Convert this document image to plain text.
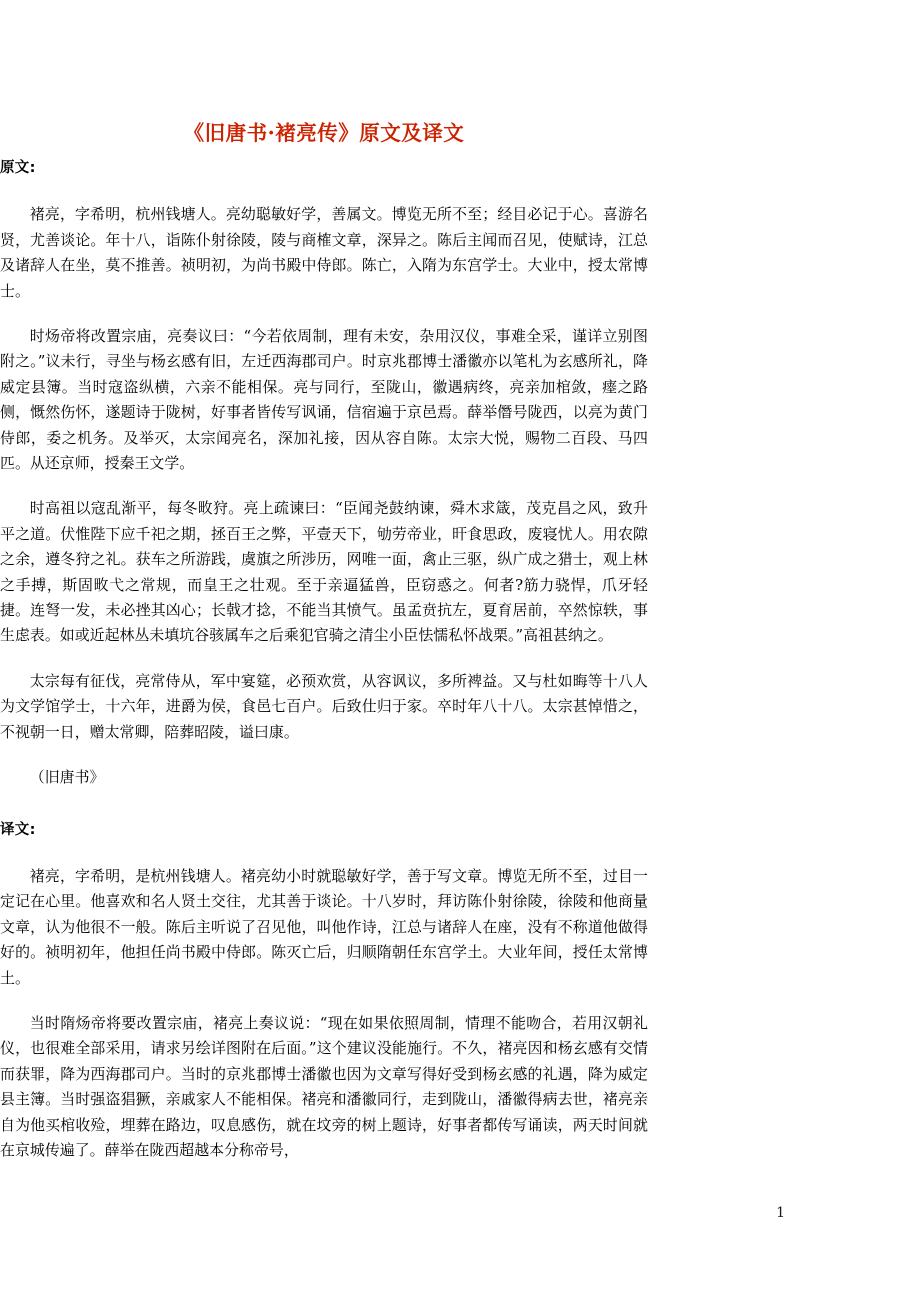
《旧唐书·褚亮传》原文及译文
原文:

褚亮，字希明，杭州钱塘人。亮幼聪敏好学，善属文。博览无所不至；经目必记于心。喜游名贤，尤善谈论。年十八，诣陈仆射徐陵，陵与商榷文章，深异之。陈后主闻而召见，使赋诗，江总及诸辞人在坐，莫不推善。祯明初，为尚书殿中侍郎。陈亡，入隋为东宫学士。大业中，授太常博士。

时炀帝将改置宗庙，亮奏议曰：“今若依周制，理有未安，杂用汉仪，事难全采，谨详立别图附之。”议未行，寻坐与杨玄感有旧，左迁西海郡司户。时京兆郡博士潘徽亦以笔札为玄感所礼，降威定县簿。当时寇盗纵横，六亲不能相保。亮与同行，至陇山，徽遇病终，亮亲加棺敛，瘗之路侧，慨然伤怀，遂题诗于陇树，好事者皆传写讽诵，信宿遍于京邑焉。薛举僭号陇西，以亮为黄门侍郎，委之机务。及举灭，太宗闻亮名，深加礼接，因从容自陈。太宗大悦，赐物二百段、马四匹。从还京师，授秦王文学。

时高祖以寇乱渐平，每冬畋狩。亮上疏谏曰：“臣闻尧鼓纳谏，舜木求箴，茂克昌之风，致升平之道。伏惟陛下应千祀之期，拯百王之弊，平壹天下，劬劳帝业，旰食思政，废寝忧人。用农隙之余，遵冬狩之礼。获车之所游践，虞旗之所涉历，网唯一面，禽止三驱，纵广成之猎士，观上林之手搏，斯固畋弋之常规，而皇王之壮观。至于亲逼猛兽，臣窃惑之。何者?筋力骁悍，爪牙轻捷。连弩一发，未必挫其凶心；长戟才捻，不能当其愤气。虽孟贲抗左，夏育居前，卒然惊轶，事生虑表。如或近起林丛未填坑谷骇属车之后乘犯官骑之清尘小臣怯懦私怀战栗。”高祖甚纳之。

太宗每有征伐，亮常侍从，军中宴筵，必预欢赏，从容讽议，多所裨益。又与杜如晦等十八人为文学馆学士，十六年，进爵为侯，食邑七百户。后致仕归于家。卒时年八十八。太宗甚悼惜之，不视朝一日，赠太常卿，陪葬昭陵，谥曰康。

（旧唐书》

译文:

褚亮，字希明，是杭州钱塘人。褚亮幼小时就聪敏好学，善于写文章。博览无所不至，过目一定记在心里。他喜欢和名人贤土交往，尤其善于谈论。十八岁时，拜访陈仆射徐陵，徐陵和他商量文章，认为他很不一般。陈后主听说了召见他，叫他作诗，江总与诸辞人在座，没有不称道他做得好的。祯明初年，他担任尚书殿中侍郎。陈灭亡后，归顺隋朝任东宫学土。大业年间，授任太常博土。

当时隋炀帝将要改置宗庙，褚亮上奏议说：“现在如果依照周制，情理不能吻合，若用汉朝礼仪，也很难全部采用，请求另绘详图附在后面。”这个建议没能施行。不久，褚亮因和杨玄感有交情而获罪，降为西海郡司户。当时的京兆郡博士潘徽也因为文章写得好受到杨玄感的礼遇，降为威定县主簿。当时强盗猖獗，亲戚家人不能相保。褚亮和潘徽同行，走到陇山，潘徽得病去世，褚亮亲自为他买棺收殓，埋葬在路边，叹息感伤，就在坟旁的树上题诗，好事者都传写诵读，两天时间就在京城传遍了。薛举在陇西超越本分称帝号，

1
